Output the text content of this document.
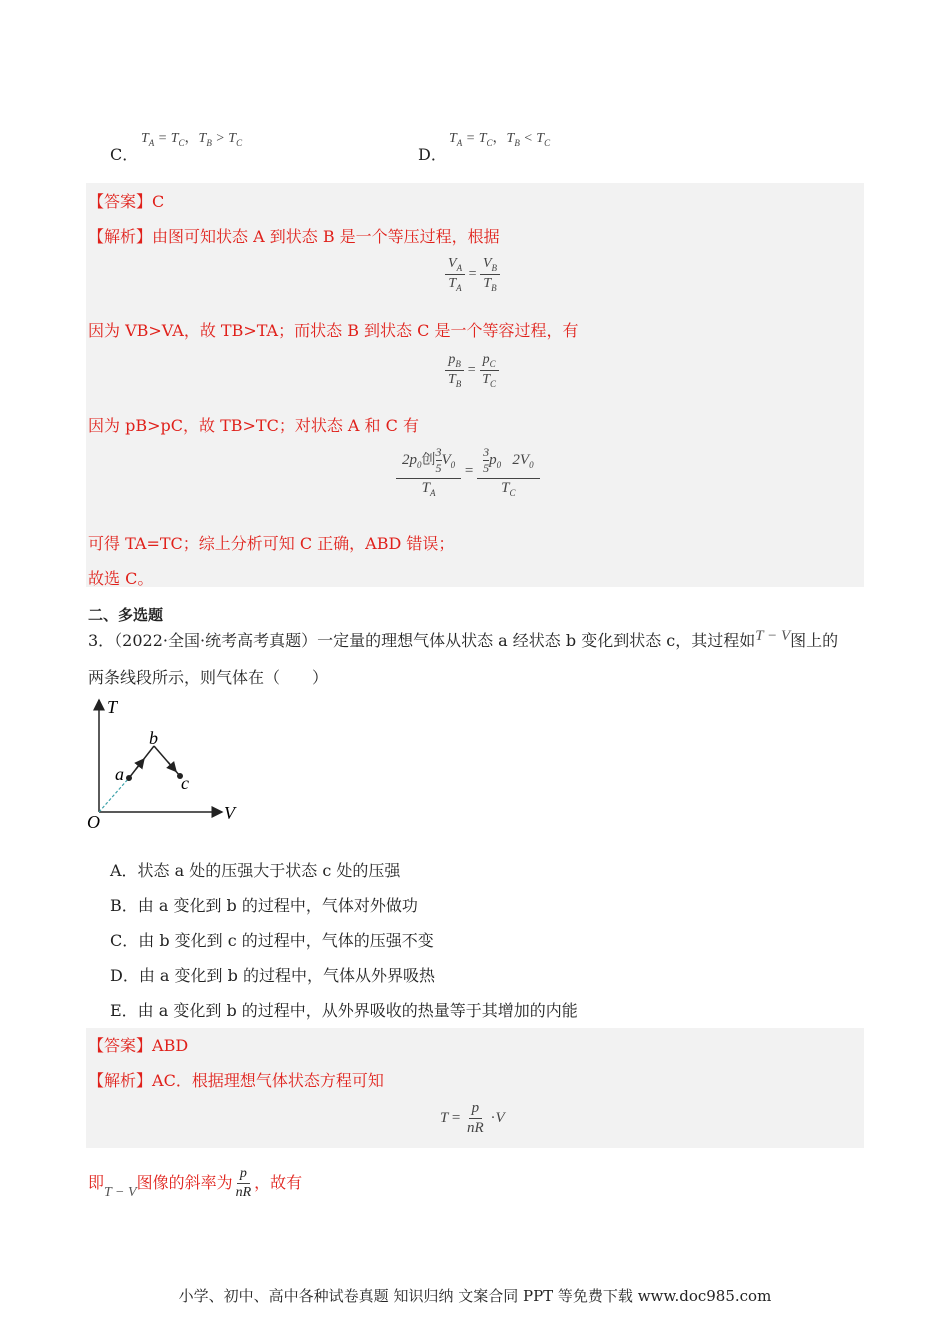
C．
$T_A = T_C$，$T_B > T_C$
D．
$T_A = T_C$，$T_B < T_C$
【答案】C
【解析】由图可知状态 A 到状态 B 是一个等压过程，根据
$\frac{V_A}{T_A} = \frac{V_B}{T_B}$
因为 VB>VA，故 TB>TA；而状态 B 到状态 C 是一个等容过程，有
$\frac{p_B}{T_B} = \frac{p_C}{T_C}$
因为 pB>pC，故 TB>TC；对状态 A 和 C 有
$\frac{2p_0创 \frac{3}{5} V_0}{T_A} = \frac{\frac{3}{5} p_0 2V_0}{T_C}$
可得 TA=TC；综上分析可知 C 正确，ABD 错误；
故选 C。
二、多选题
3．（2022·全国·统考高考真题）一定量的理想气体从状态 a 经状态 b 变化到状态 c，其过程如T − V图上的
两条线段所示，则气体在（　　）
T
V
O
a
b
c
A．状态 a 处的压强大于状态 c 处的压强
B．由 a 变化到 b 的过程中，气体对外做功
C．由 b 变化到 c 的过程中，气体的压强不变
D．由 a 变化到 b 的过程中，气体从外界吸热
E．由 a 变化到 b 的过程中，从外界吸收的热量等于其增加的内能
【答案】ABD
【解析】AC．根据理想气体状态方程可知
$T = \frac{p}{nR} \cdot V$
即T − V图像的斜率为 $\frac{p}{nR}$ ，故有
小学、初中、高中各种试卷真题 知识归纳 文案合同 PPT 等免费下载 www.doc985.com
